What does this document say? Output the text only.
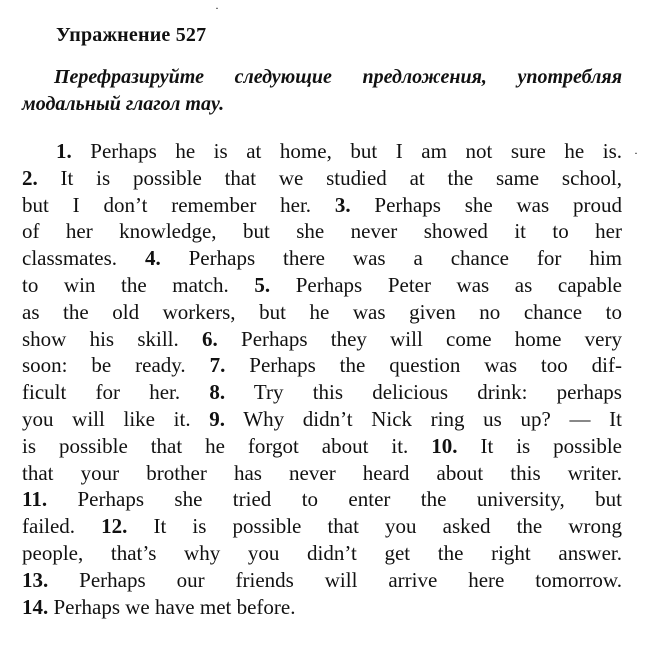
·
·
Упражнение 527
Перефразируйте следующие предложения, употребляя модальный глагол may.
1. Perhaps he is at home, but I am not sure he is.
2. It is possible that we studied at the same school,
but I don’t remember her. 3. Perhaps she was proud
of her knowledge, but she never showed it to her
classmates. 4. Perhaps there was a chance for him
to win the match. 5. Perhaps Peter was as capable
as the old workers, but he was given no chance to
show his skill. 6. Perhaps they will come home very
soon: be ready. 7. Perhaps the question was too dif-
ficult for her. 8. Try this delicious drink: perhaps
you will like it. 9. Why didn’t Nick ring us up? — It
is possible that he forgot about it. 10. It is possible
that your brother has never heard about this writer.
11. Perhaps she tried to enter the university, but
failed. 12. It is possible that you asked the wrong
people, that’s why you didn’t get the right answer.
13. Perhaps our friends will arrive here tomorrow.
14. Perhaps we have met before.
